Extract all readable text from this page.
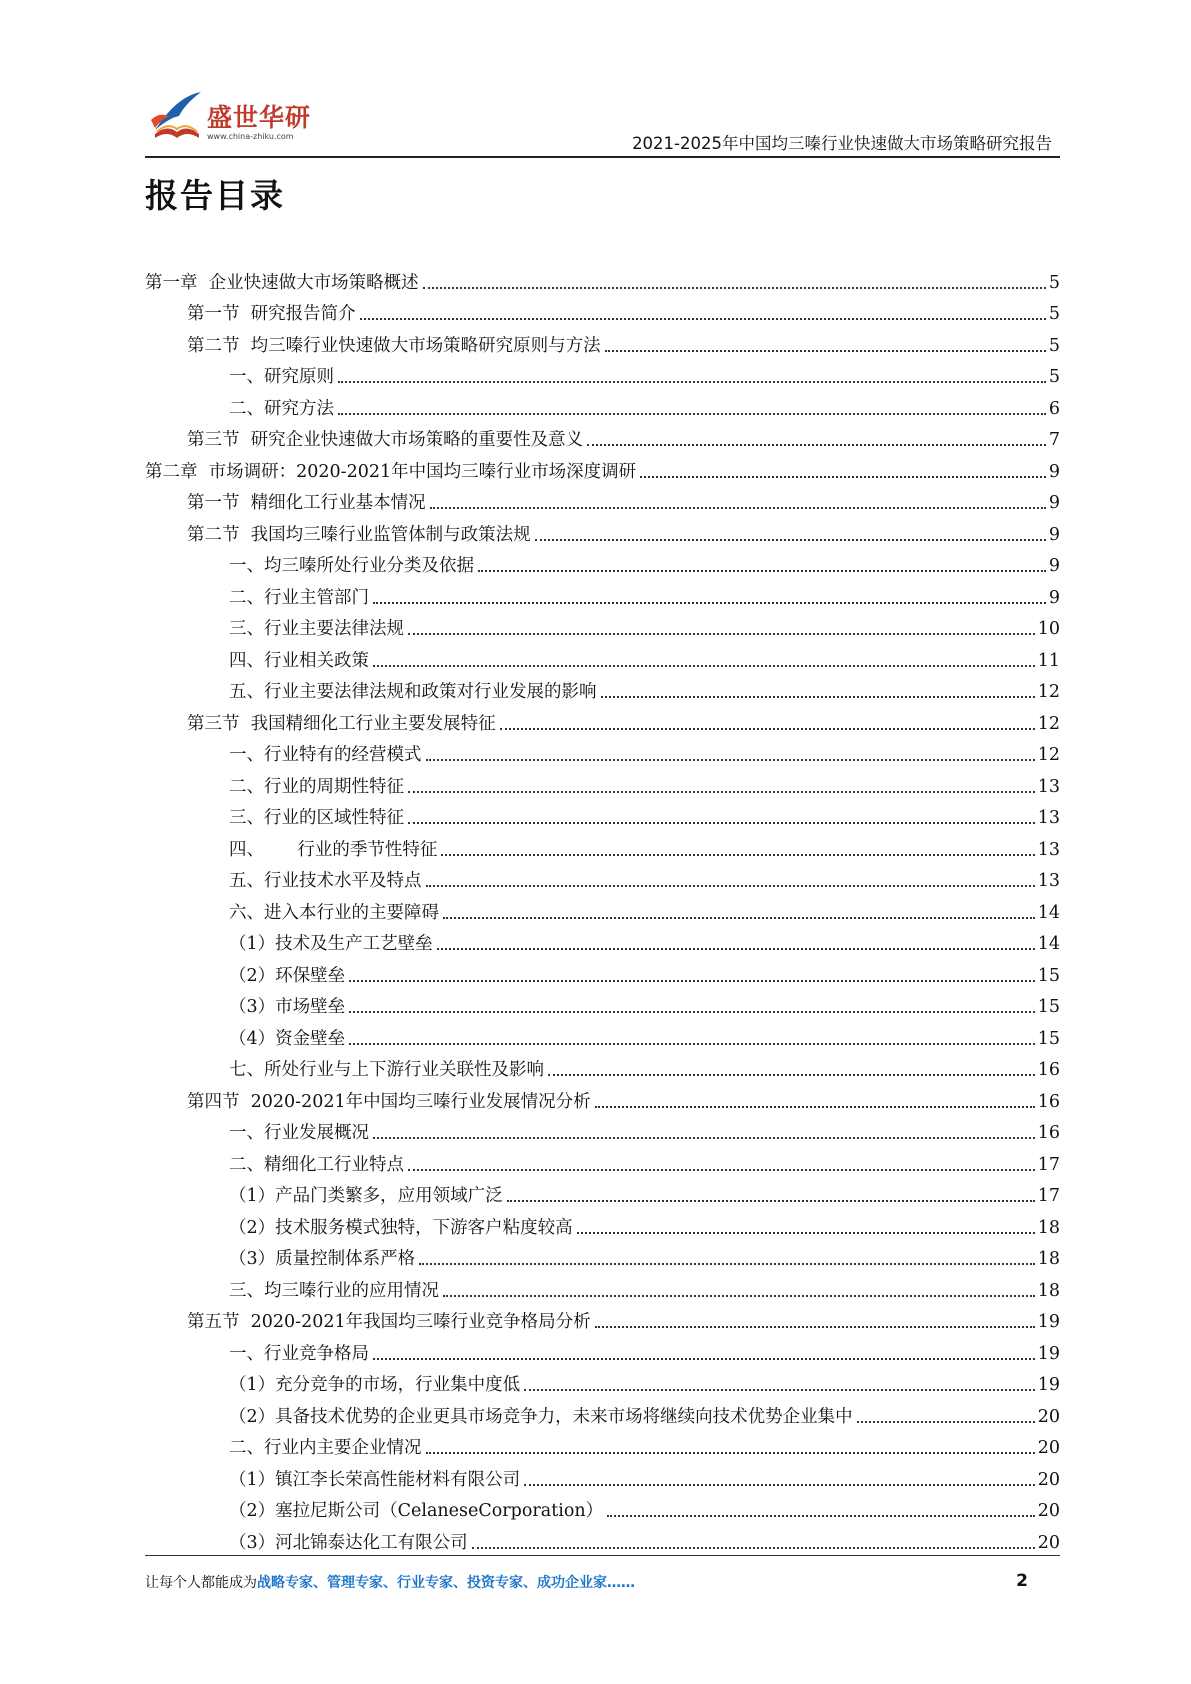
盛世华研
www.china-zhiku.com	2021-2025年中国均三嗪行业快速做大市场策略研究报告
报告目录
第一章  企业快速做大市场策略概述	5
第一节  研究报告简介	5
第二节  均三嗪行业快速做大市场策略研究原则与方法	5
一、研究原则	5
二、研究方法	6
第三节  研究企业快速做大市场策略的重要性及意义	7
第二章  市场调研：2020-2021年中国均三嗪行业市场深度调研	9
第一节  精细化工行业基本情况	9
第二节  我国均三嗪行业监管体制与政策法规	9
一、均三嗪所处行业分类及依据	9
二、行业主管部门	9
三、行业主要法律法规	10
四、行业相关政策	11
五、行业主要法律法规和政策对行业发展的影响	12
第三节  我国精细化工行业主要发展特征	12
一、行业特有的经营模式	12
二、行业的周期性特征	13
三、行业的区域性特征	13
四、      行业的季节性特征	13
五、行业技术水平及特点	13
六、进入本行业的主要障碍	14
（1）技术及生产工艺壁垒	14
（2）环保壁垒	15
（3）市场壁垒	15
（4）资金壁垒	15
七、所处行业与上下游行业关联性及影响	16
第四节  2020-2021年中国均三嗪行业发展情况分析	16
一、行业发展概况	16
二、精细化工行业特点	17
（1）产品门类繁多，应用领域广泛	17
（2）技术服务模式独特，下游客户粘度较高	18
（3）质量控制体系严格	18
三、均三嗪行业的应用情况	18
第五节  2020-2021年我国均三嗪行业竞争格局分析	19
一、行业竞争格局	19
（1）充分竞争的市场，行业集中度低	19
（2）具备技术优势的企业更具市场竞争力，未来市场将继续向技术优势企业集中	20
二、行业内主要企业情况	20
（1）镇江李长荣高性能材料有限公司	20
（2）塞拉尼斯公司（CelaneseCorporation）	20
（3）河北锦泰达化工有限公司	20
让每个人都能成为战略专家、管理专家、行业专家、投资专家、成功企业家……	2
